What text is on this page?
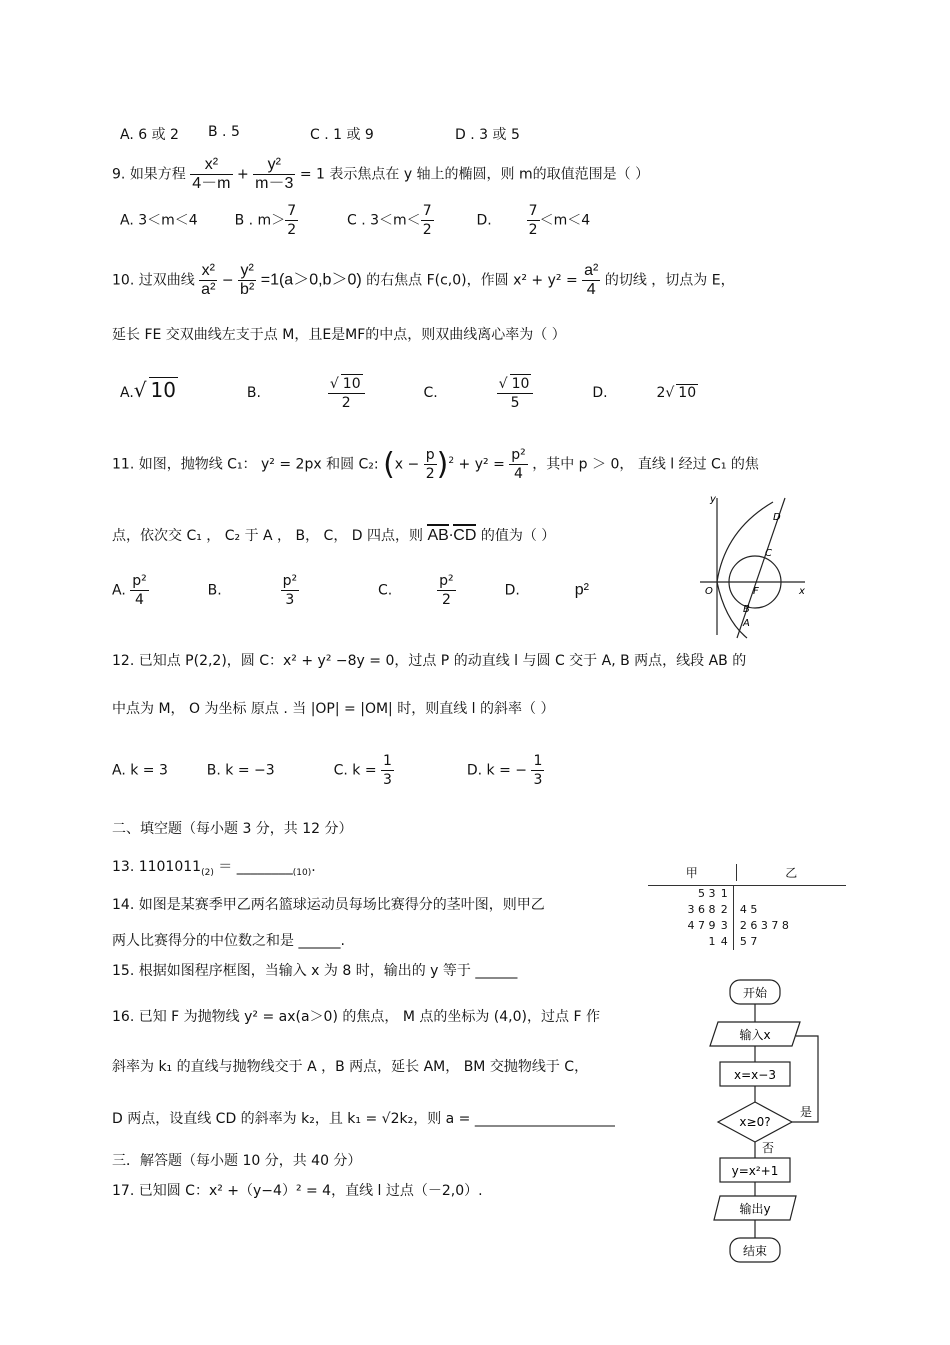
A. 6 或 2 B . 5	C . 1 或 9	D . 3 或 5
9. 如果方程 $\frac{\text{x²}}{4-m} + \frac{\text{y²}}{m-3} = 1$ 表示焦点在 y 轴上的椭圆，则 m的取值范围是（ ）
A. 3＜m＜4	B . $m> \frac{7}{2}$	C . $3<m< \frac{7}{2}$	D. $\frac{7}{2} <m<4$
10. 过双曲线 $\frac{\text{x²}}{\text{a²}} - \frac{\text{y²}}{\text{b²}} =1(a>0,b>0)$ 的右焦点 F(c,0)，作圆 $x^2 + y^2 = \frac{\text{a²}}{4}$ 的切线 ，切点为 E，
延长 FE 交双曲线左支于点 M，且E是MF的中点，则双曲线离心率为（ ）
A.√ 10	B.	$\frac{√ 10}{2}$	C.	$\frac{√ 10}{5}$	D.	2√ 10
11. 如图，抛物线 C₁： y² = 2px 和圆 C₂: $(x - \frac{p}{2} )^2 + y^2 = \frac{\text{p²}}{4}$ ，其中 p ＞ 0， 直线 l 经过 C₁ 的焦
点，依次交 C₁ ， C₂ 于 A ， B， C， D 四点，则 AB·CD 的值为（ ）
A. $\frac{\text{p²}}{4}$	B.	$\frac{\text{p²}}{3}$	C.	$\frac{\text{p²}}{2}$	D.	p²
y
x
O
D
C
F
B
A
12. 已知点 P(2,2)，圆 C：x² + y² −8y = 0，过点 P 的动直线 l 与圆 C 交于 A, B 两点，线段 AB 的
中点为 M， O 为坐标 原点 . 当 |OP| = |OM| 时，则直线 l 的斜率（ ）
A. k = 3	B. k = −3	C. $k = \frac{1}{3}$	D. k = − $\frac{1}{3}$
二、填空题（每小题 3 分，共 12 分）
13. $1101011_{(2)}$ ＝ $\_\_\_\_\_\_\_\__{(10)}$.
14. 如图是某赛季甲乙两名篮球运动员每场比赛得分的茎叶图，则甲乙
两人比赛得分的中位数之和是 ______.
15. 根据如图程序框图，当输入 x 为 8 时，输出的 y 等于 ______
甲	乙
5 3 1
3 6 8 2	4 5
4 7 9 3	2 6 3 7 8
1 4	5 7
16. 已知 F 为抛物线 y² = ax(a＞0) 的焦点， M 点的坐标为 (4,0)，过点 F 作
斜率为 k₁ 的直线与抛物线交于 A ，B 两点，延长 AM， BM 交抛物线于 C，
D 两点，设直线 CD 的斜率为 k₂，且 k₁ = √2k₂，则 a = ____________________
开始
输入x
x=x−3
x≥0?
是
否
y=x²+1
输出y
结束
三．解答题（每小题 10 分，共 40 分）
17. 已知圆 C：x² +（y−4）² = 4，直线 l 过点（－2,0）.
